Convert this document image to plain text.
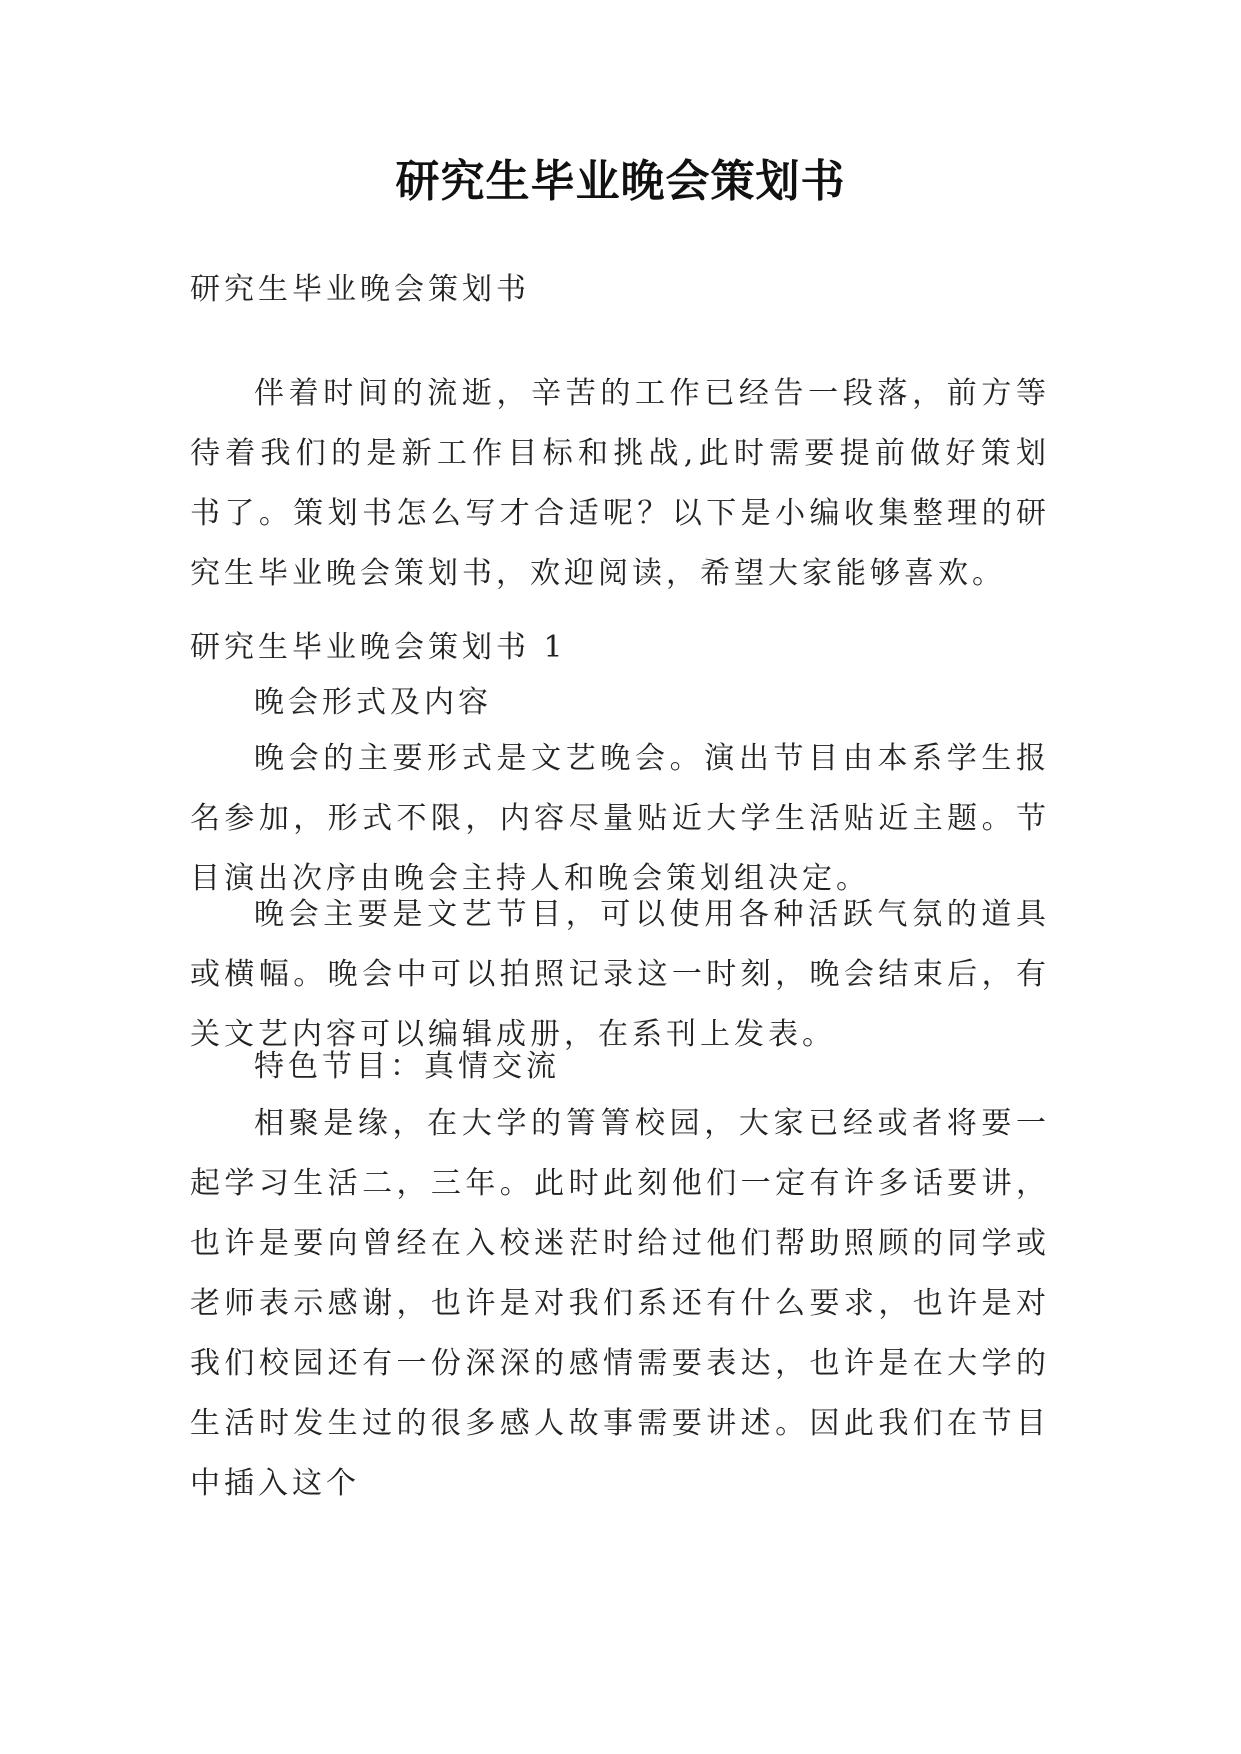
研究生毕业晚会策划书

研究生毕业晚会策划书

伴着时间的流逝，辛苦的工作已经告一段落，前方等待着我们的是新工作目标和挑战,此时需要提前做好策划书了。策划书怎么写才合适呢？以下是小编收集整理的研究生毕业晚会策划书，欢迎阅读，希望大家能够喜欢。

研究生毕业晚会策划书 1

晚会形式及内容

晚会的主要形式是文艺晚会。演出节目由本系学生报名参加，形式不限，内容尽量贴近大学生活贴近主题。节目演出次序由晚会主持人和晚会策划组决定。

晚会主要是文艺节目，可以使用各种活跃气氛的道具或横幅。晚会中可以拍照记录这一时刻，晚会结束后，有关文艺内容可以编辑成册，在系刊上发表。

特色节目：真情交流

相聚是缘，在大学的箐箐校园，大家已经或者将要一起学习生活二，三年。此时此刻他们一定有许多话要讲，也许是要向曾经在入校迷茫时给过他们帮助照顾的同学或老师表示感谢，也许是对我们系还有什么要求，也许是对我们校园还有一份深深的感情需要表达，也许是在大学的生活时发生过的很多感人故事需要讲述。因此我们在节目中插入这个
